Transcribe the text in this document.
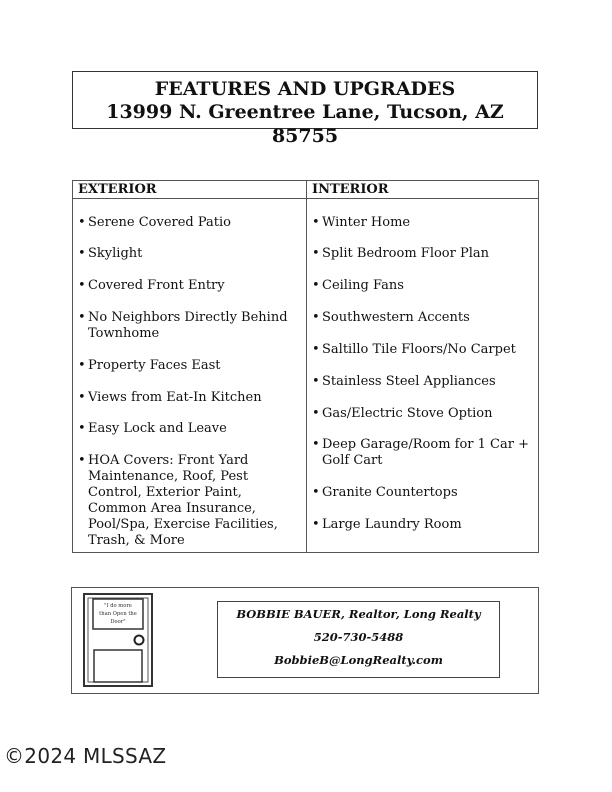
FEATURES AND UPGRADES
13999 N. Greentree Lane, Tucson, AZ 85755
EXTERIOR
• Serene Covered Patio
• Skylight
• Covered Front Entry
• No Neighbors Directly Behind Townhome
• Property Faces East
• Views from Eat-In Kitchen
• Easy Lock and Leave
• HOA Covers: Front Yard Maintenance, Roof, Pest Control, Exterior Paint, Common Area Insurance, Pool/Spa, Exercise Facilities, Trash, & More
INTERIOR
• Winter Home
• Split Bedroom Floor Plan
• Ceiling Fans
• Southwestern Accents
• Saltillo Tile Floors/No Carpet
• Stainless Steel Appliances
• Gas/Electric Stove Option
• Deep Garage/Room for 1 Car + Golf Cart
• Granite Countertops
• Large Laundry Room
"I do more
than Open the
Door"
BOBBIE BAUER, Realtor, Long Realty
520-730-5488
BobbieB@LongRealty.com
©2024 MLSSAZ
